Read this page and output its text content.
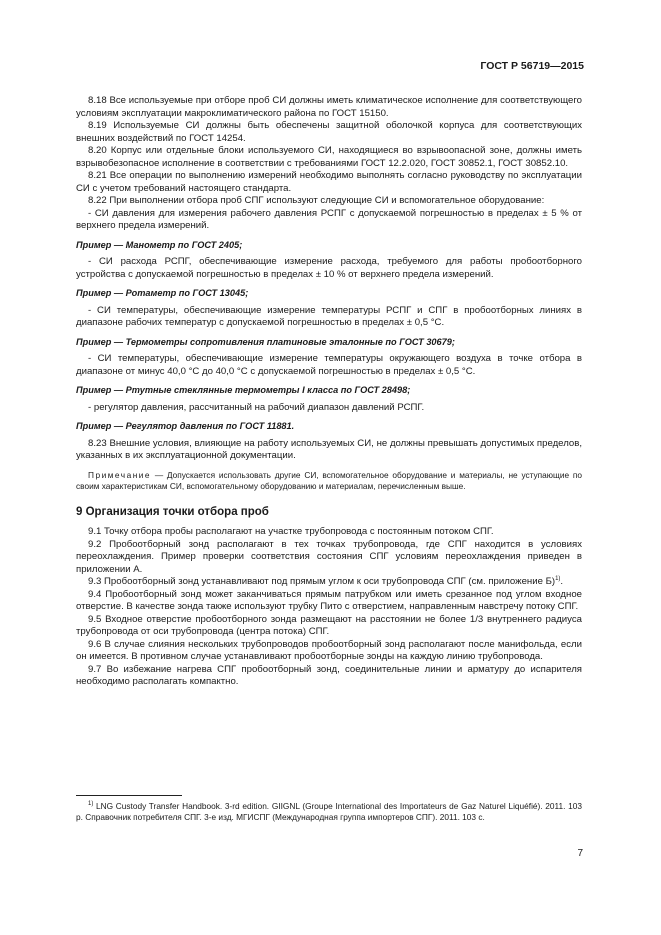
ГОСТ Р 56719—2015

8.18 Все используемые при отборе проб СИ должны иметь климатическое исполнение для соответствующего условиям эксплуатации макроклиматического района по ГОСТ 15150.

8.19 Используемые СИ должны быть обеспечены защитной оболочкой корпуса для соответствующих внешних воздействий по ГОСТ 14254.

8.20 Корпус или отдельные блоки используемого СИ, находящиеся во взрывоопасной зоне, должны иметь взрывобезопасное исполнение в соответствии с требованиями ГОСТ 12.2.020, ГОСТ 30852.1, ГОСТ 30852.10.

8.21 Все операции по выполнению измерений необходимо выполнять согласно руководству по эксплуатации СИ с учетом требований настоящего стандарта.

8.22 При выполнении отбора проб СПГ используют следующие СИ и вспомогательное оборудование:

- СИ давления для измерения рабочего давления РСПГ с допускаемой погрешностью в пределах ± 5 % от верхнего предела измерений.

Пример — Манометр по ГОСТ 2405;

- СИ расхода РСПГ, обеспечивающие измерение расхода, требуемого для работы пробоотборного устройства с допускаемой погрешностью в пределах ± 10 % от верхнего предела измерений.

Пример — Ротаметр по ГОСТ 13045;

- СИ температуры, обеспечивающие измерение температуры РСПГ и СПГ в пробоотборных линиях в диапазоне рабочих температур с допускаемой погрешностью в пределах ± 0,5 °С.

Пример — Термометры сопротивления платиновые эталонные по ГОСТ 30679;

- СИ температуры, обеспечивающие измерение температуры окружающего воздуха в точке отбора в диапазоне от минус 40,0 °С до 40,0 °С с допускаемой погрешностью в пределах ± 0,5 °С.

Пример — Ртутные стеклянные термометры I класса по ГОСТ 28498;

- регулятор давления, рассчитанный на рабочий диапазон давлений РСПГ.

Пример — Регулятор давления по ГОСТ 11881.

8.23 Внешние условия, влияющие на работу используемых СИ, не должны превышать допустимых пределов, указанных в их эксплуатационной документации.

Примечание — Допускается использовать другие СИ, вспомогательное оборудование и материалы, не уступающие по своим характеристикам СИ, вспомогательному оборудованию и материалам, перечисленным выше.

9 Организация точки отбора проб

9.1 Точку отбора пробы располагают на участке трубопровода с постоянным потоком СПГ.

9.2 Пробоотборный зонд располагают в тех точках трубопровода, где СПГ находится в условиях переохлаждения. Пример проверки соответствия состояния СПГ условиям переохлаждения приведен в приложении А.

9.3 Пробоотборный зонд устанавливают под прямым углом к оси трубопровода СПГ (см. приложение Б)$^{1)}$.

9.4 Пробоотборный зонд может заканчиваться прямым патрубком или иметь срезанное под углом входное отверстие. В качестве зонда также используют трубку Пито с отверстием, направленным навстречу потоку СПГ.

9.5 Входное отверстие пробоотборного зонда размещают на расстоянии не более 1/3 внутреннего радиуса трубопровода от оси трубопровода (центра потока) СПГ.

9.6 В случае слияния нескольких трубопроводов пробоотборный зонд располагают после манифольда, если он имеется. В противном случае устанавливают пробоотборные зонды на каждую линию трубопровода.

9.7 Во избежание нагрева СПГ пробоотборный зонд, соединительные линии и арматуру до испарителя необходимо располагать компактно.

$^{1)}$ LNG Custody Transfer Handbook. 3-rd edition. GIIGNL (Groupe International des Importateurs de Gaz Naturel Liquéfié). 2011. 103 p. Справочник потребителя СПГ. 3-е изд. МГИСПГ (Международная группа импортеров СПГ). 2011. 103 с.

7
